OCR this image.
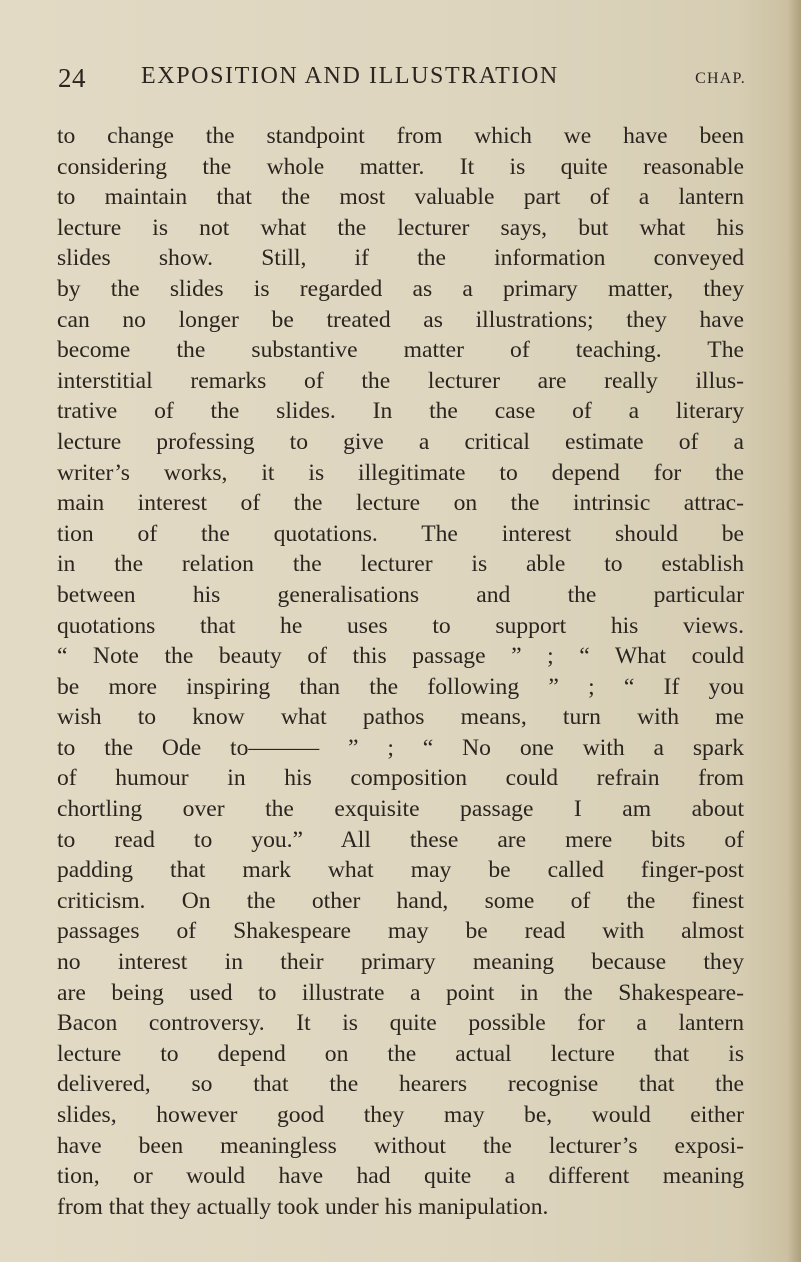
24 EXPOSITION AND ILLUSTRATION	CHAP.
to change the standpoint from which we have been
considering the whole matter. It is quite reasonable
to maintain that the most valuable part of a lantern
lecture is not what the lecturer says, but what his
slides show. Still, if the information conveyed
by the slides is regarded as a primary matter, they
can no longer be treated as illustrations; they have
become the substantive matter of teaching. The
interstitial remarks of the lecturer are really illus-
trative of the slides. In the case of a literary
lecture professing to give a critical estimate of a
writer’s works, it is illegitimate to depend for the
main interest of the lecture on the intrinsic attrac-
tion of the quotations. The interest should be
in the relation the lecturer is able to establish
between his generalisations and the particular
quotations that he uses to support his views.
“ Note the beauty of this passage ” ; “ What could
be more inspiring than the following ” ; “ If you
wish to know what pathos means, turn with me
to the Ode to——— ” ; “ No one with a spark
of humour in his composition could refrain from
chortling over the exquisite passage I am about
to read to you.” All these are mere bits of
padding that mark what may be called finger-post
criticism. On the other hand, some of the finest
passages of Shakespeare may be read with almost
no interest in their primary meaning because they
are being used to illustrate a point in the Shakespeare-
Bacon controversy. It is quite possible for a lantern
lecture to depend on the actual lecture that is
delivered, so that the hearers recognise that the
slides, however good they may be, would either
have been meaningless without the lecturer’s exposi-
tion, or would have had quite a different meaning
from that they actually took under his manipulation.
